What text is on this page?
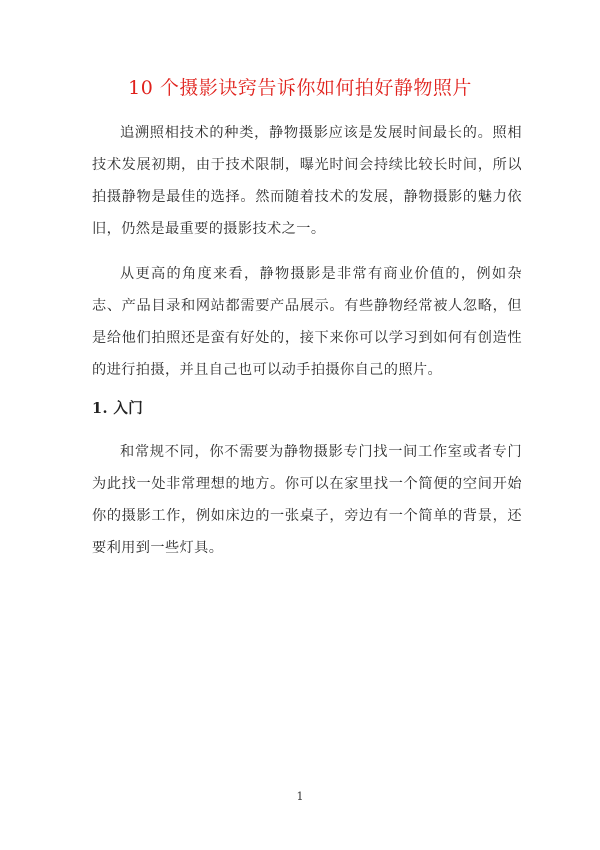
10 个摄影诀窍告诉你如何拍好静物照片

追溯照相技术的种类，静物摄影应该是发展时间最长的。照相技术发展初期，由于技术限制，曝光时间会持续比较长时间，所以拍摄静物是最佳的选择。然而随着技术的发展，静物摄影的魅力依旧，仍然是最重要的摄影技术之一。

从更高的角度来看，静物摄影是非常有商业价值的，例如杂志、产品目录和网站都需要产品展示。有些静物经常被人忽略，但是给他们拍照还是蛮有好处的，接下来你可以学习到如何有创造性的进行拍摄，并且自己也可以动手拍摄你自己的照片。

1. 入门

和常规不同，你不需要为静物摄影专门找一间工作室或者专门为此找一处非常理想的地方。你可以在家里找一个简便的空间开始你的摄影工作，例如床边的一张桌子，旁边有一个简单的背景，还要利用到一些灯具。

1
